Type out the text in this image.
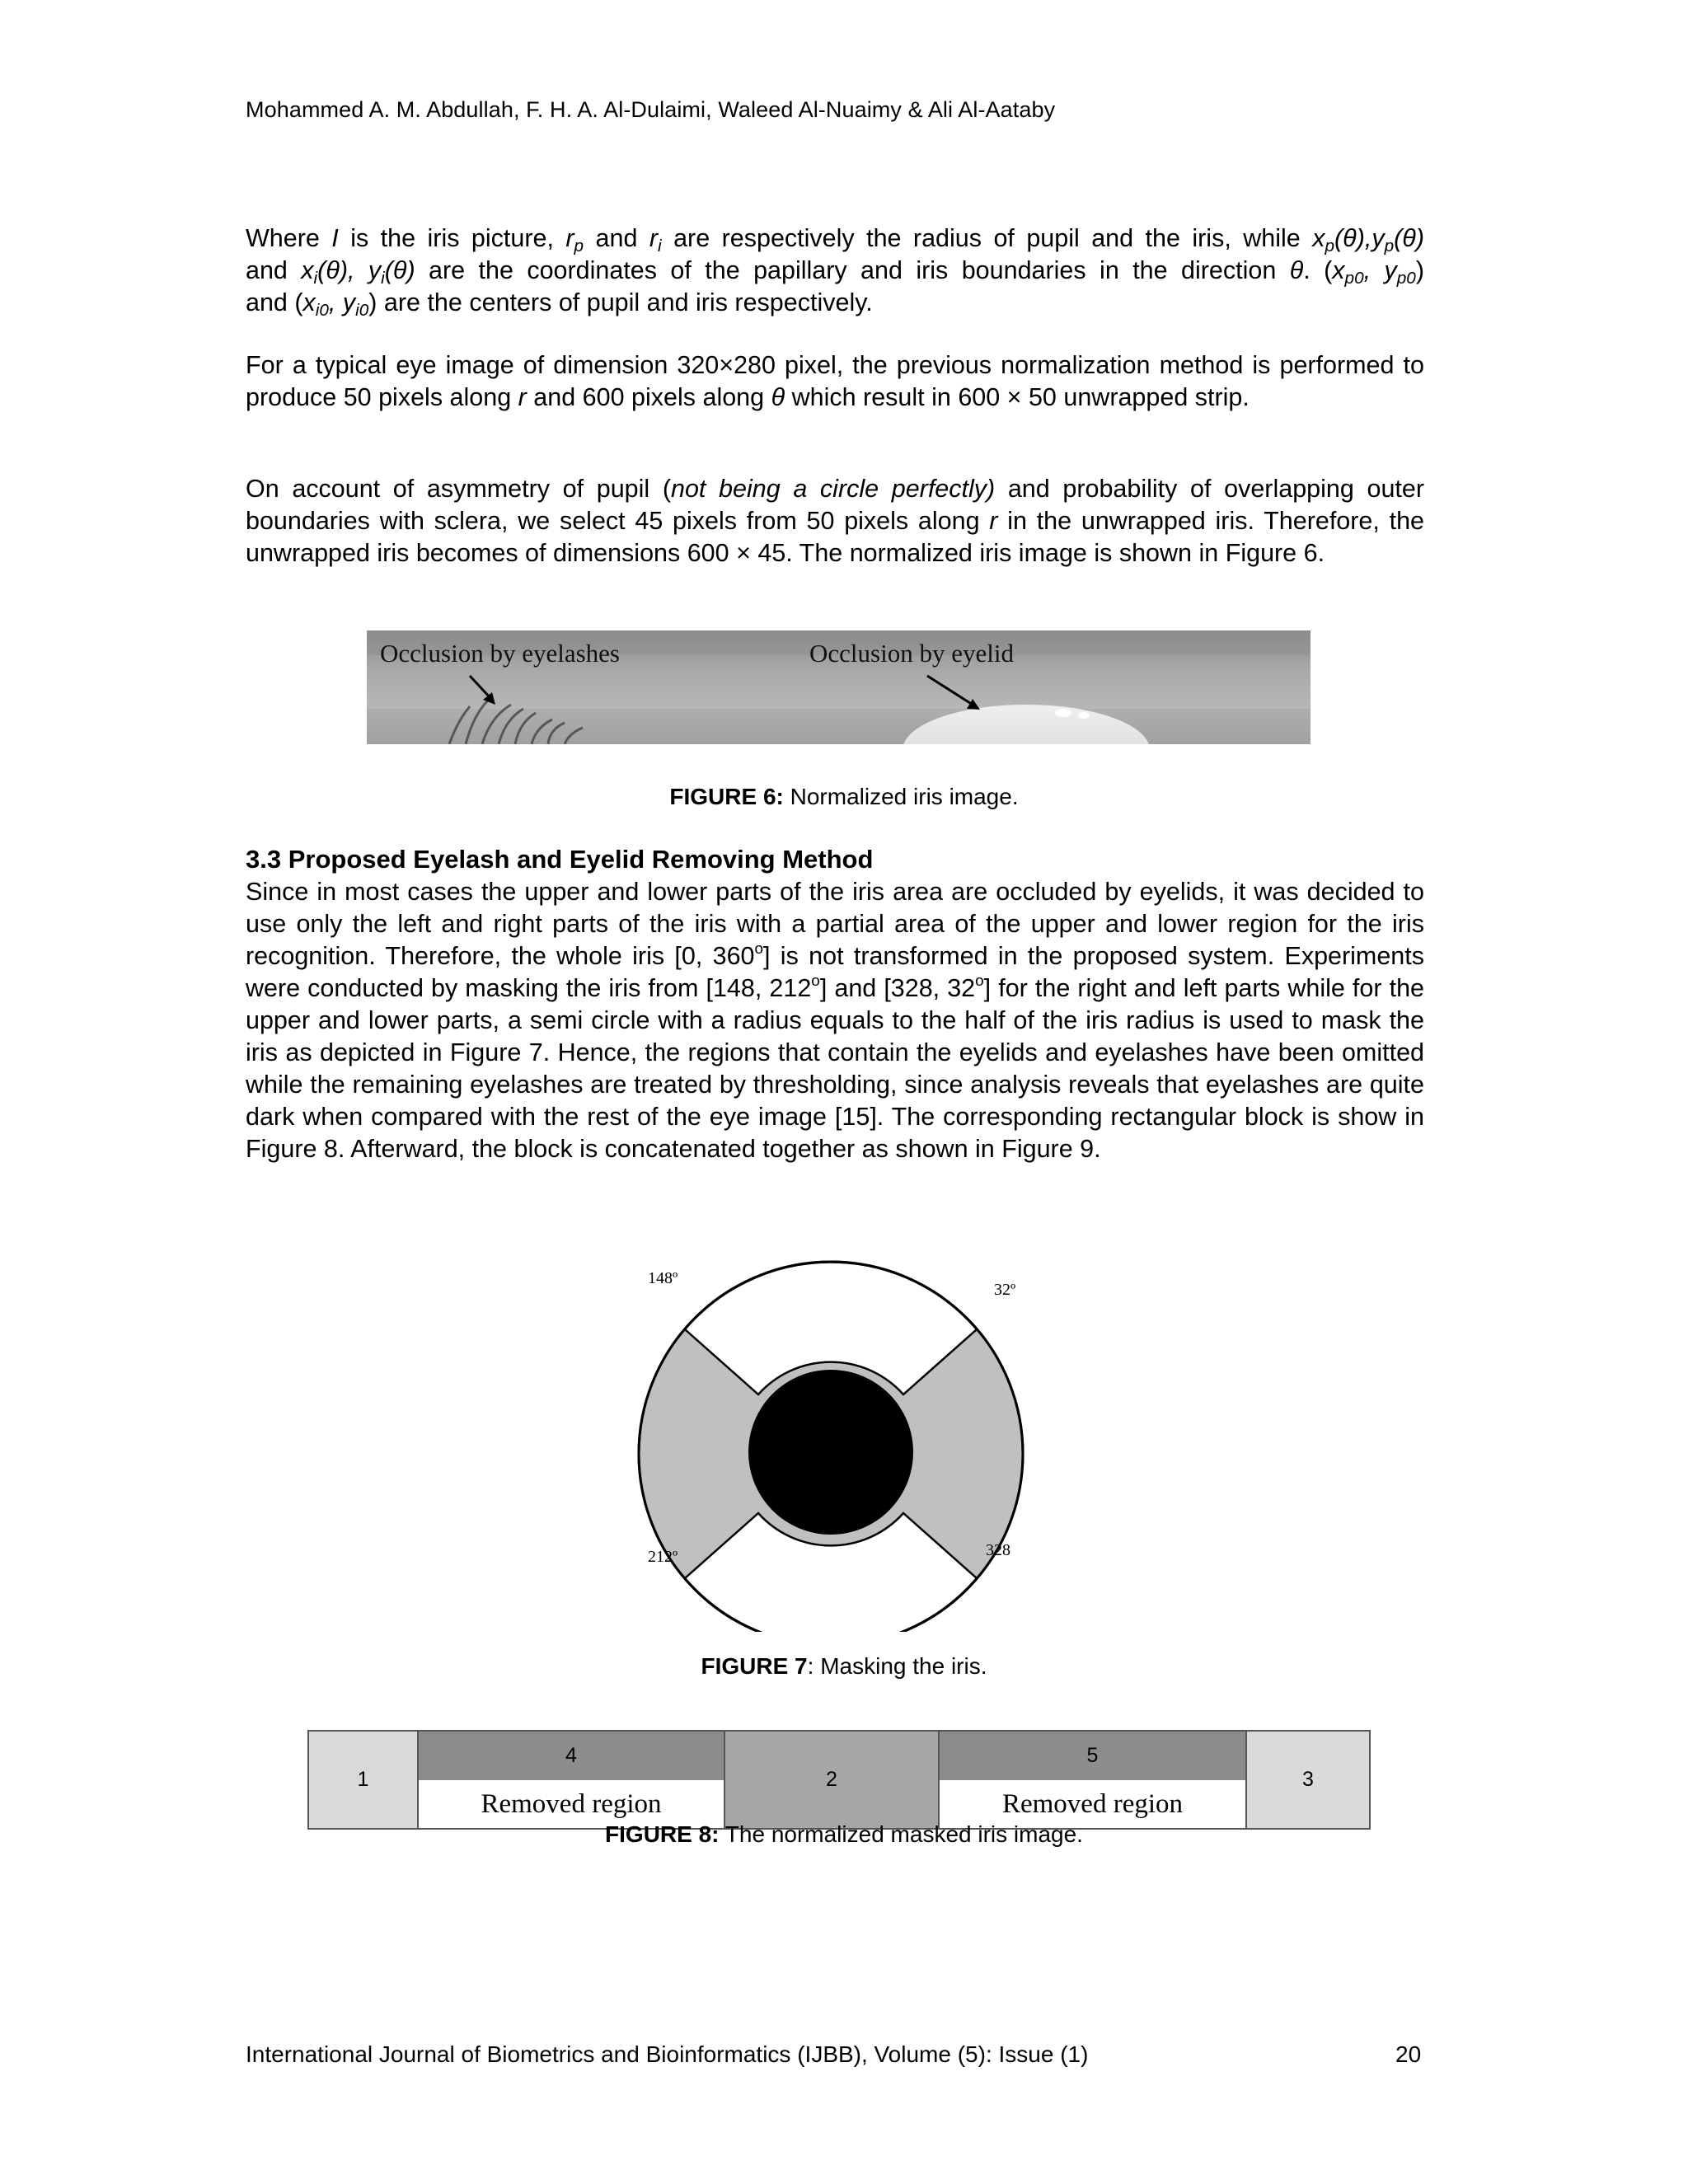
Mohammed A. M. Abdullah, F. H. A. Al-Dulaimi, Waleed Al-Nuaimy & Ali Al-Aataby
Where I is the iris picture, $r_p$ and $r_i$ are respectively the radius of pupil and the iris, while $x_p(\theta),y_p(\theta)$
and $x_i(\theta)$, $y_i(\theta)$ are the coordinates of the papillary and iris boundaries in the direction θ. ($x_{p0}$, $y_{p0}$)
and ($x_{i0}$, $y_{i0}$) are the centers of pupil and iris respectively.
For a typical eye image of dimension 320×280 pixel, the previous normalization method is performed to produce 50 pixels along r and 600 pixels along θ which result in 600 × 50 unwrapped strip.
On account of asymmetry of pupil (not being a circle perfectly) and probability of overlapping outer boundaries with sclera, we select 45 pixels from 50 pixels along r in the unwrapped iris. Therefore, the unwrapped iris becomes of dimensions 600 × 45. The normalized iris image is shown in Figure 6.
Occlusion by eyelashes	Occlusion by eyelid
FIGURE 6: Normalized iris image.
3.3 Proposed Eyelash and Eyelid Removing Method
Since in most cases the upper and lower parts of the iris area are occluded by eyelids, it was decided to use only the left and right parts of the iris with a partial area of the upper and lower region for the iris recognition. Therefore, the whole iris [0, 360$^o$] is not transformed in the proposed system. Experiments were conducted by masking the iris from [148, 212$^o$] and [328, 32$^o$] for the right and left parts while for the upper and lower parts, a semi circle with a radius equals to the half of the iris radius is used to mask the iris as depicted in Figure 7. Hence, the regions that contain the eyelids and eyelashes have been omitted while the remaining eyelashes are treated by thresholding, since analysis reveals that eyelashes are quite dark when compared with the rest of the eye image [15]. The corresponding rectangular block is show in Figure 8. Afterward, the block is concatenated together as shown in Figure 9.
148º
32º
212º	328
FIGURE 7: Masking the iris.
1
4
Removed region
2
5
Removed region
3
FIGURE 8: The normalized masked iris image.
International Journal of Biometrics and Bioinformatics (IJBB), Volume (5): Issue (1)	20
